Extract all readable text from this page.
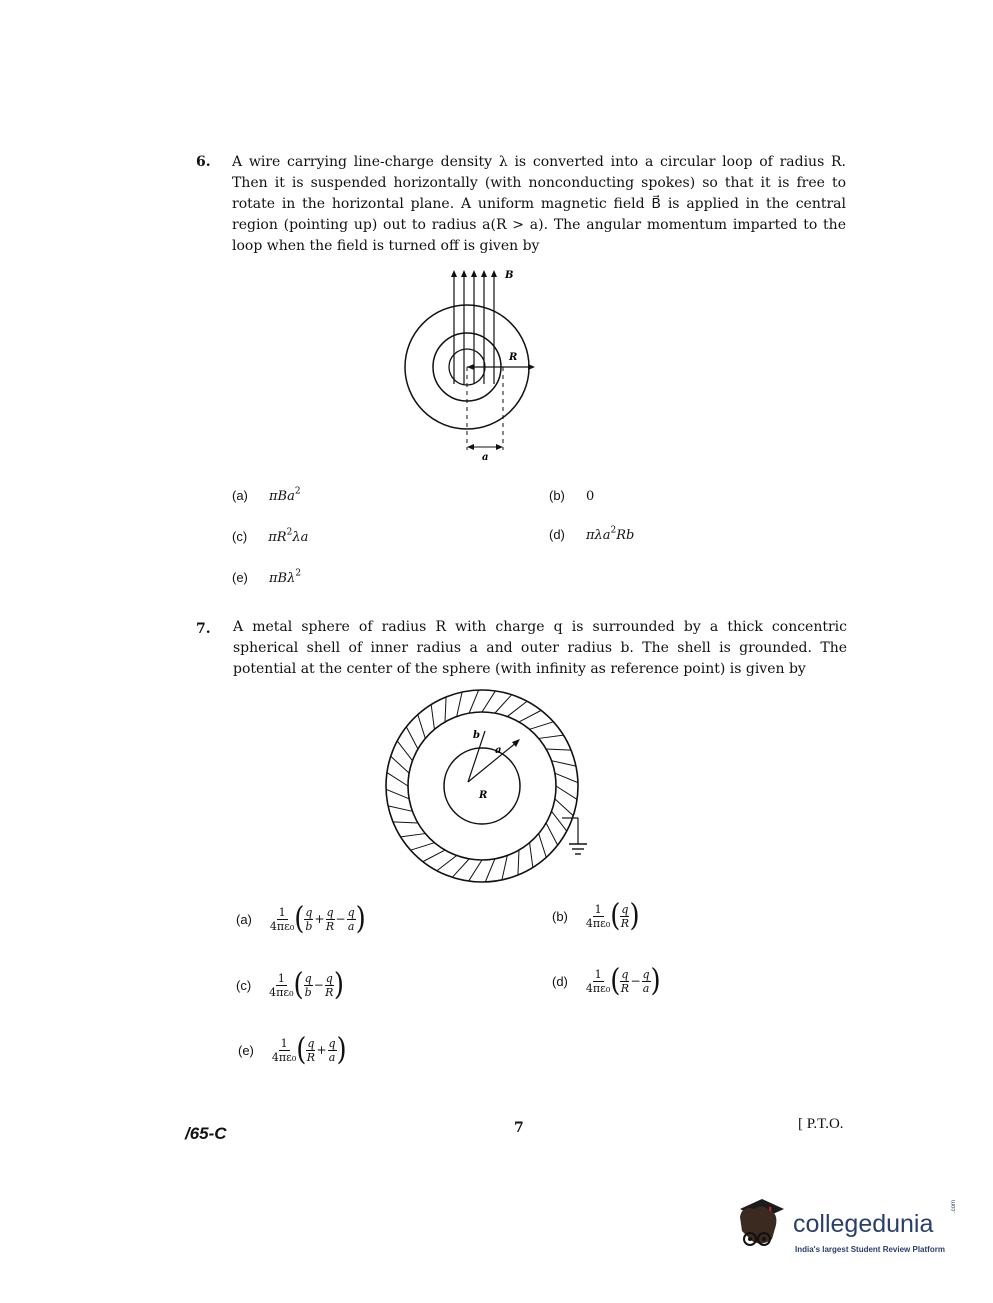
6. A wire carrying line-charge density λ is converted into a circular loop of radius R. Then it is suspended horizontally (with nonconducting spokes) so that it is free to rotate in the horizontal plane. A uniform magnetic field B⃗ is applied in the central region (pointing up) out to radius a(R > a). The angular momentum imparted to the loop when the field is turned off is given by
B
R
a
(a) πBa$^2$	(b) 0
(c) $\pi R^2\lambda a$	(d) πλa$^2$Rb
(e) πBλ$^2$
7. A metal sphere of radius R with charge q is surrounded by a thick concentric spherical shell of inner radius a and outer radius b. The shell is grounded. The potential at the center of the sphere (with infinity as reference point) is given by
b
a
R
$(a) \frac{1}{\text{4πε₀}}$ ( $\frac{q}{b} + \frac{q}{R} - \frac{q}{a}$ )	$(b) \frac{1}{\text{4πε₀}}$ ( $\frac{q}{R}$ )
$(c) \frac{1}{\text{4πε₀}}$ ( $\frac{q}{b} - \frac{q}{R}$ )	$(d) \frac{1}{\text{4πε₀}}$ ( $\frac{q}{R} - \frac{q}{a}$ )
$(e) \frac{1}{\text{4πε₀}}$ ( $\frac{q}{R} + \frac{q}{a}$ )
/65-C	7	[ P.T.O.
collegedunia
.com
India's largest Student Review Platform
